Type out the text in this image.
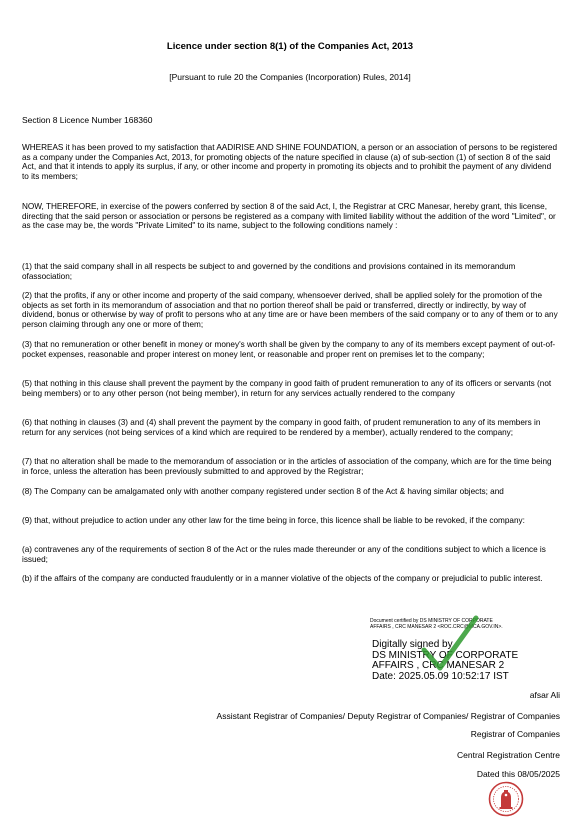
Licence under section 8(1) of the Companies Act, 2013
[Pursuant to rule 20 the Companies (Incorporation) Rules, 2014]
Section 8 Licence Number 168360

WHEREAS it has been proved to my satisfaction that AADIRISE AND SHINE FOUNDATION, a person or an association of persons to be registered as a company under the Companies Act, 2013, for promoting objects of the nature specified in clause (a) of sub-section (1) of section 8 of the said Act, and that it intends to apply its surplus, if any, or other income and property in promoting its objects and to prohibit the payment of any dividend to its members;

NOW, THEREFORE, in exercise of the powers conferred by section 8 of the said Act, I, the Registrar at CRC Manesar, hereby grant, this license, directing that the said person or association or persons be registered as a company with limited liability without the addition of the word "Limited", or as the case may be, the words "Private Limited" to its name, subject to the following conditions namely :

(1) that the said company shall in all respects be subject to and governed by the conditions and provisions contained in its memorandum ofassociation;

(2) that the profits, if any or other income and property of the said company, whensoever derived, shall be applied solely for the promotion of the objects as set forth in its memorandum of association and that no portion thereof shall be paid or transferred, directly or indirectly, by way of dividend, bonus or otherwise by way of profit to persons who at any time are or have been members of the said company or to any of them or to any person claiming through any one or more of them;

(3) that no remuneration or other benefit in money or money's worth shall be given by the company to any of its members except payment of out-of-pocket expenses, reasonable and proper interest on money lent, or reasonable and proper rent on premises let to the company;

(5) that nothing in this clause shall prevent the payment by the company in good faith of prudent remuneration to any of its officers or servants (not being members) or to any other person (not being member), in return for any services actually rendered to the company

(6) that nothing in clauses (3) and (4) shall prevent the payment by the company in good faith, of prudent remuneration to any of its members in return for any services (not being services of a kind which are required to be rendered by a member), actually rendered to the company;

(7) that no alteration shall be made to the memorandum of association or in the articles of association of the company, which are for the time being in force, unless the alteration has been previously submitted to and approved by the Registrar;

(8) The Company can be amalgamated only with another company registered under section 8 of the Act & having similar objects; and

(9) that, without prejudice to action under any other law for the time being in force, this licence shall be liable to be revoked, if the company:

(a) contravenes any of the requirements of section 8 of the Act or the rules made thereunder or any of the conditions subject to which a licence is issued;

(b) if the affairs of the company are conducted fraudulently or in a manner violative of the objects of the company or prejudicial to public interest.

Document certified by DS MINISTRY OF CORPORATE
AFFAIRS , CRC MANESAR 2 <ROC.CRC@MCA.GOV.IN>.
Digitally signed by
DS MINISTRY OF CORPORATE
AFFAIRS , CRC MANESAR 2
Date: 2025.05.09 10:52:17 IST
afsar Ali
Assistant Registrar of Companies/ Deputy Registrar of Companies/ Registrar of Companies
Registrar of Companies
Central Registration Centre
Dated this 08/05/2025
